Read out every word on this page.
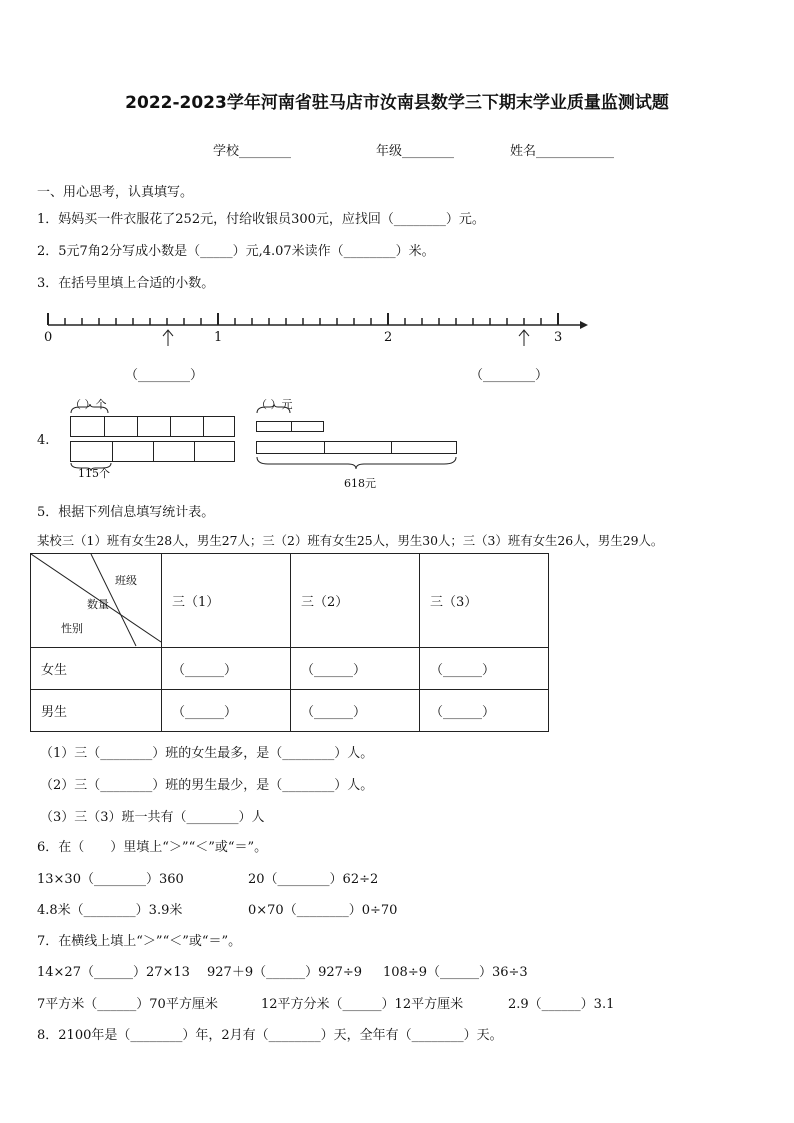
2022-2023学年河南省驻马店市汝南县数学三下期末学业质量监测试题
学校________	年级________	姓名____________
一、用心思考，认真填写。
1．妈妈买一件衣服花了252元，付给收银员300元，应找回（________）元。
2．5元7角2分写成小数是（_____）元,4.07米读作（________）米。
3．在括号里填上合适的小数。
0	1	2	3
（________）	（________）
4.
（ ）个
115个
（ ）元
618元
5．根据下列信息填写统计表。
某校三（1）班有女生28人，男生27人；三（2）班有女生25人，男生30人；三（3）班有女生26人，男生29人。
班级
数量
性别	三（1）	三（2）	三（3）
女生	（______）	（______）	（______）
男生	（______）	（______）	（______）
（1）三（________）班的女生最多，是（________）人。
（2）三（________）班的男生最少，是（________）人。
（3）三（3）班一共有（________）人
6．在（　　）里填上“＞”“＜”或“＝”。
13×30（________）360	20（________）62÷2
4.8米（________）3.9米	0×70（________）0÷70
7．在横线上填上“＞”“＜”或“＝”。
14×27（______）27×13 927＋9（______）927÷9 108÷9（______）36÷3
7平方米（______）70平方厘米	12平方分米（______）12平方厘米	2.9（______）3.1
8．2100年是（________）年，2月有（________）天，全年有（________）天。
